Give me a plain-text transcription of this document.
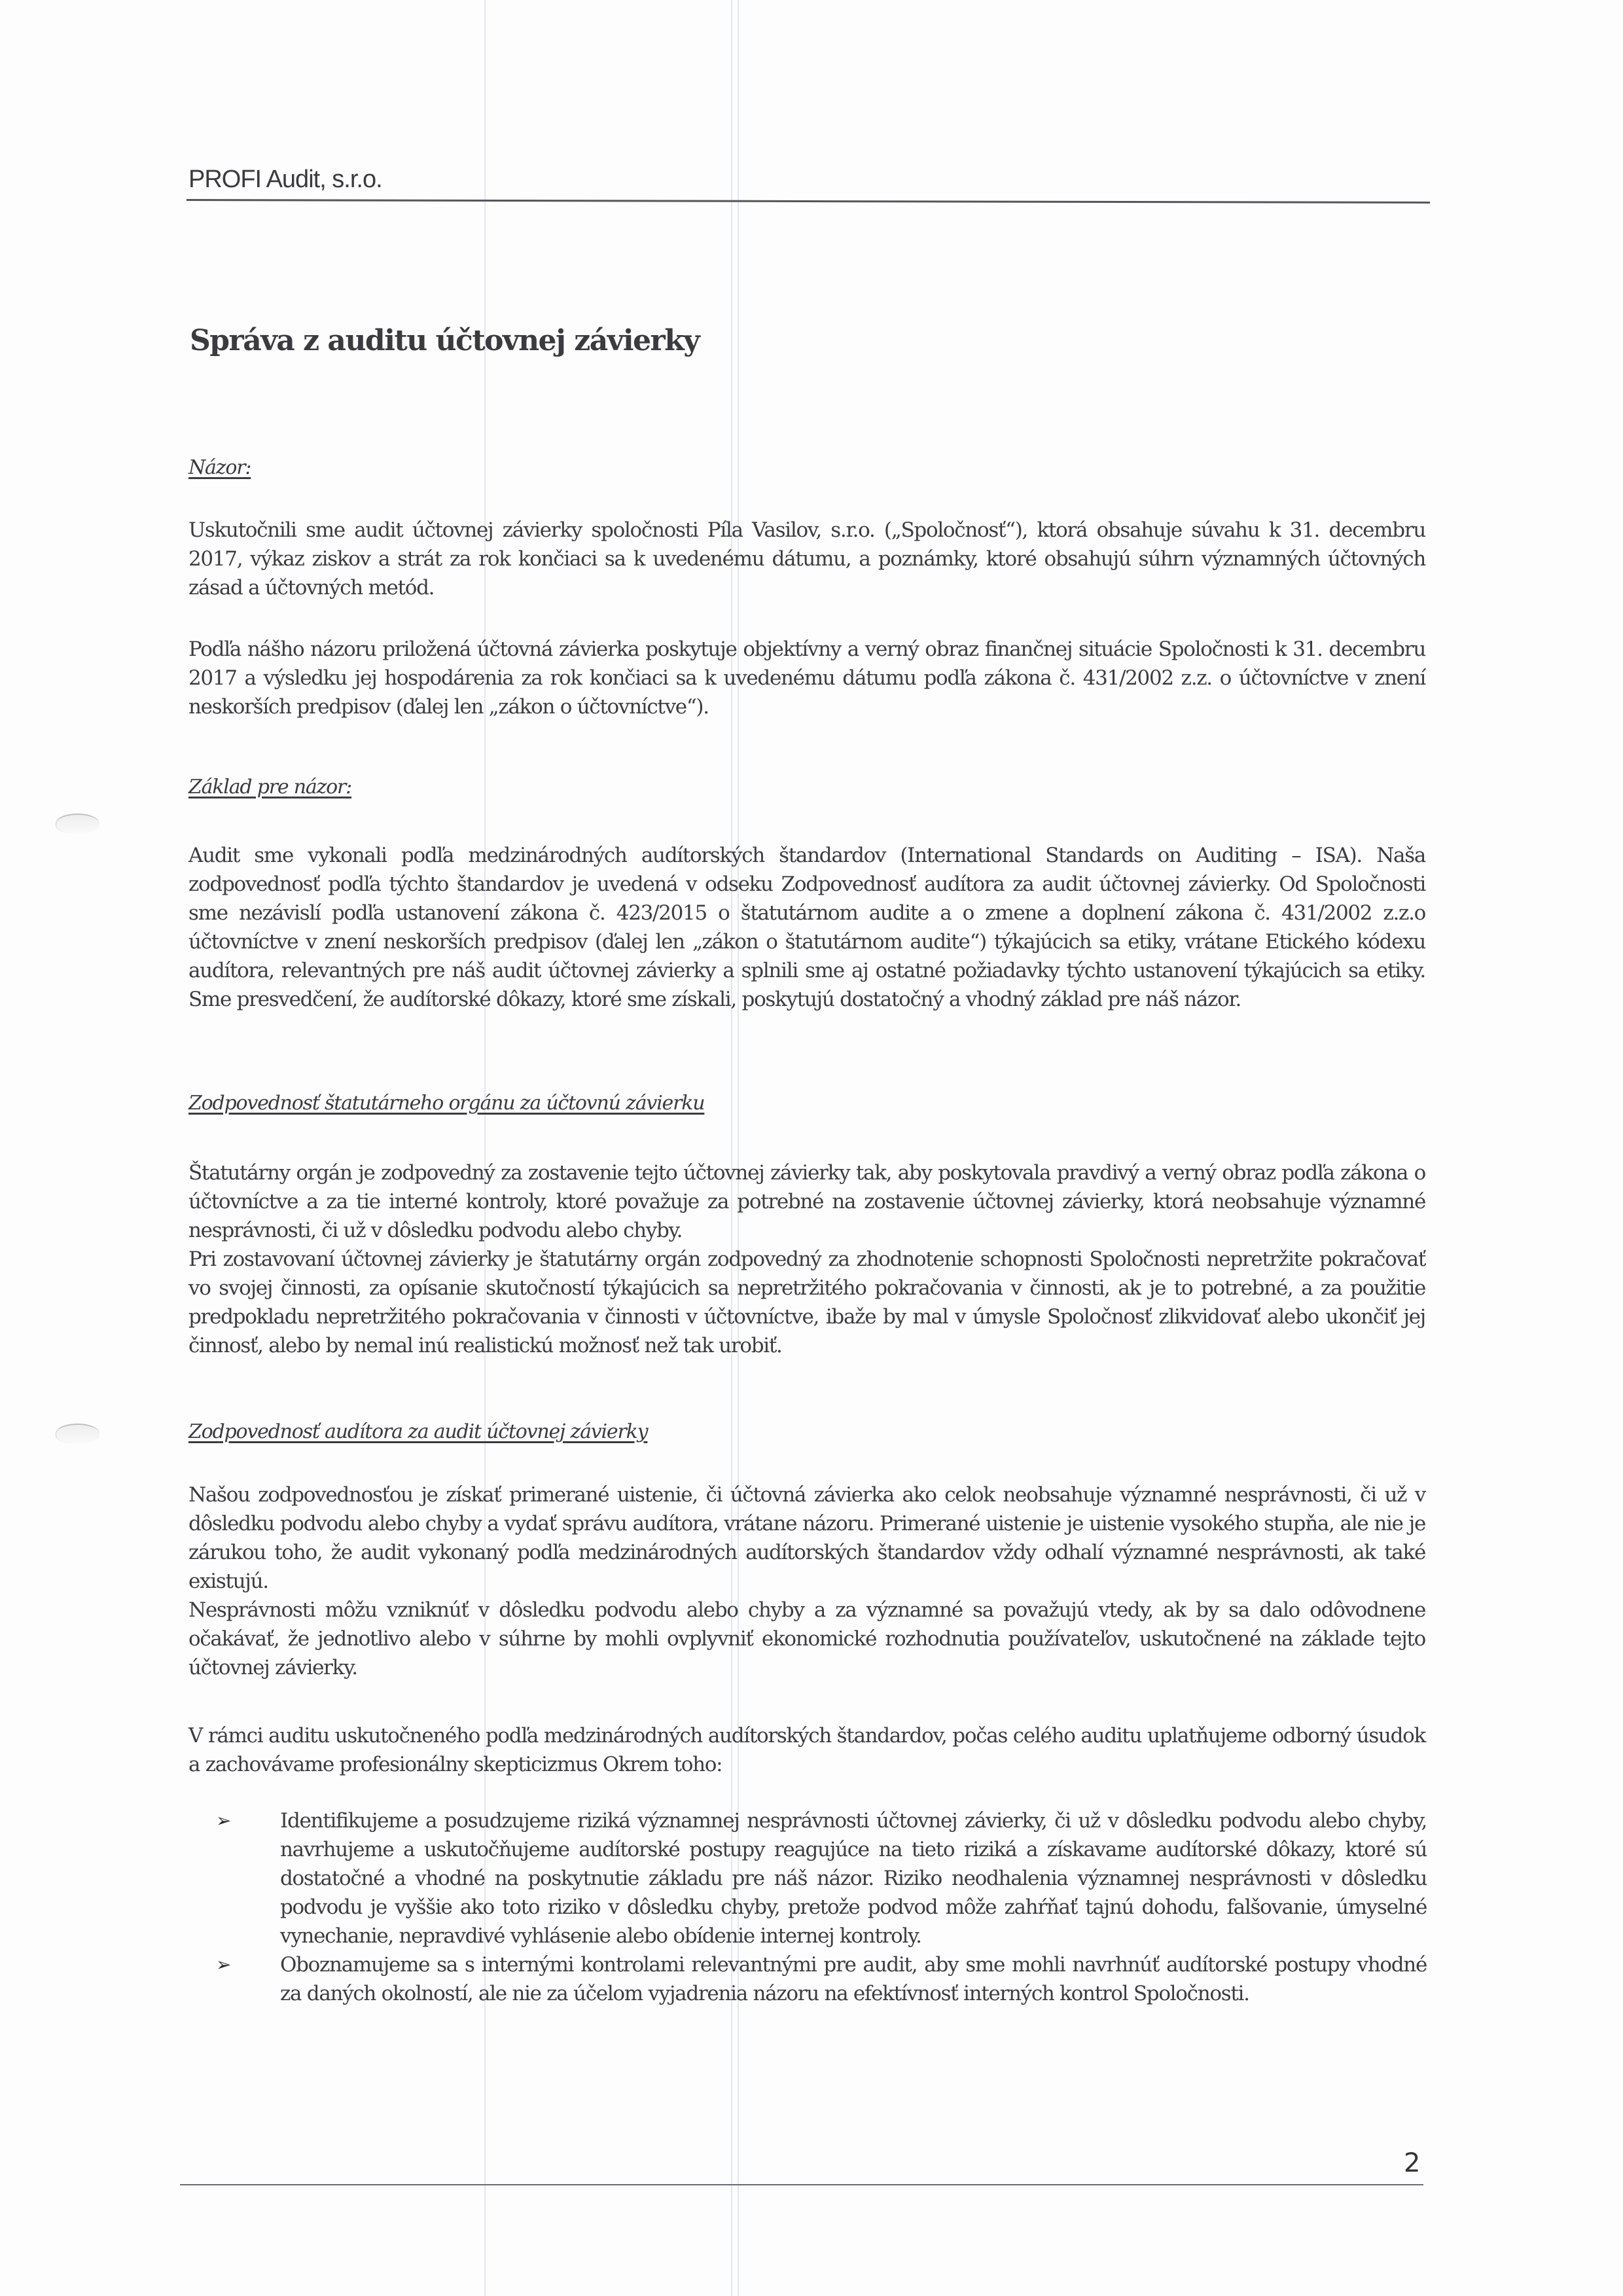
PROFI Audit, s.r.o.
Správa z auditu účtovnej závierky
Názor:

Uskutočnili sme audit účtovnej závierky spoločnosti Píla Vasilov, s.r.o. („Spoločnosť“), ktorá obsahuje súvahu k 31. decembru 2017, výkaz ziskov a strát za rok končiaci sa k uvedenému dátumu, a poznámky, ktoré obsahujú súhrn významných účtovných zásad a účtovných metód.

Podľa nášho názoru priložená účtovná závierka poskytuje objektívny a verný obraz finančnej situácie Spoločnosti k 31. decembru 2017 a výsledku jej hospodárenia za rok končiaci sa k uvedenému dátumu podľa zákona č. 431/2002 z.z. o účtovníctve v znení neskorších predpisov (ďalej len „zákon o účtovníctve“).

Základ pre názor:

Audit sme vykonali podľa medzinárodných audítorských štandardov (International Standards on Auditing – ISA). Naša zodpovednosť podľa týchto štandardov je uvedená v odseku Zodpovednosť audítora za audit účtovnej závierky. Od Spoločnosti sme nezávislí podľa ustanovení zákona č. 423/2015 o štatutárnom audite a o zmene a doplnení zákona č. 431/2002 z.z.o účtovníctve v znení neskorších predpisov (ďalej len „zákon o štatutárnom audite“) týkajúcich sa etiky, vrátane Etického kódexu audítora, relevantných pre náš audit účtovnej závierky a splnili sme aj ostatné požiadavky týchto ustanovení týkajúcich sa etiky. Sme presvedčení, že audítorské dôkazy, ktoré sme získali, poskytujú dostatočný a vhodný základ pre náš názor.

Zodpovednosť štatutárneho orgánu za účtovnú závierku

Štatutárny orgán je zodpovedný za zostavenie tejto účtovnej závierky tak, aby poskytovala pravdivý a verný obraz podľa zákona o účtovníctve a za tie interné kontroly, ktoré považuje za potrebné na zostavenie účtovnej závierky, ktorá neobsahuje významné nesprávnosti, či už v dôsledku podvodu alebo chyby.

Pri zostavovaní účtovnej závierky je štatutárny orgán zodpovedný za zhodnotenie schopnosti Spoločnosti nepretržite pokračovať vo svojej činnosti, za opísanie skutočností týkajúcich sa nepretržitého pokračovania v činnosti, ak je to potrebné, a za použitie predpokladu nepretržitého pokračovania v činnosti v účtovníctve, ibaže by mal v úmysle Spoločnosť zlikvidovať alebo ukončiť jej činnosť, alebo by nemal inú realistickú možnosť než tak urobiť.

Zodpovednosť audítora za audit účtovnej závierky

Našou zodpovednosťou je získať primerané uistenie, či účtovná závierka ako celok neobsahuje významné nesprávnosti, či už v dôsledku podvodu alebo chyby a vydať správu audítora, vrátane názoru. Primerané uistenie je uistenie vysokého stupňa, ale nie je zárukou toho, že audit vykonaný podľa medzinárodných audítorských štandardov vždy odhalí významné nesprávnosti, ak také existujú.

Nesprávnosti môžu vzniknúť v dôsledku podvodu alebo chyby a za významné sa považujú vtedy, ak by sa dalo odôvodnene očakávať, že jednotlivo alebo v súhrne by mohli ovplyvniť ekonomické rozhodnutia používateľov, uskutočnené na základe tejto účtovnej závierky.

V rámci auditu uskutočneného podľa medzinárodných audítorských štandardov, počas celého auditu uplatňujeme odborný úsudok a zachovávame profesionálny skepticizmus Okrem toho:

➢	Identifikujeme a posudzujeme riziká významnej nesprávnosti účtovnej závierky, či už v dôsledku podvodu alebo chyby, navrhujeme a uskutočňujeme audítorské postupy reagujúce na tieto riziká a získavame audítorské dôkazy, ktoré sú dostatočné a vhodné na poskytnutie základu pre náš názor. Riziko neodhalenia významnej nesprávnosti v dôsledku podvodu je vyššie ako toto riziko v dôsledku chyby, pretože podvod môže zahŕňať tajnú dohodu, falšovanie, úmyselné vynechanie, nepravdivé vyhlásenie alebo obídenie internej kontroly.
➢	Oboznamujeme sa s internými kontrolami relevantnými pre audit, aby sme mohli navrhnúť audítorské postupy vhodné za daných okolností, ale nie za účelom vyjadrenia názoru na efektívnosť interných kontrol Spoločnosti.
2
